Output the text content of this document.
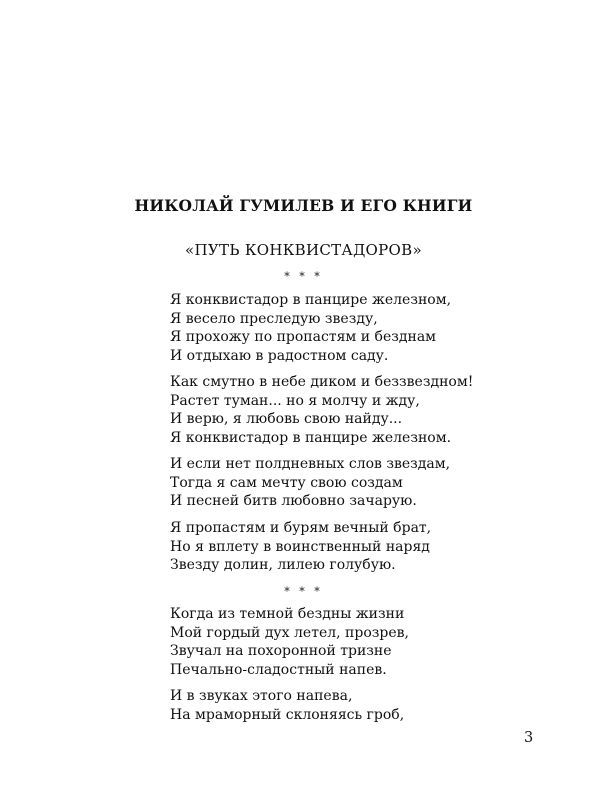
НИКОЛАЙ ГУМИЛЕВ И ЕГО КНИГИ
«ПУТЬ КОНКВИСТАДОРОВ»
* * *
Я конквистадор в панцире железном,
Я весело преследую звезду,
Я прохожу по пропастям и безднам
И отдыхаю в радостном саду.
Как смутно в небе диком и беззвездном!
Растет туман... но я молчу и жду,
И верю, я любовь свою найду...
Я конквистадор в панцире железном.
И если нет полдневных слов звездам,
Тогда я сам мечту свою создам
И песней битв любовно зачарую.
Я пропастям и бурям вечный брат,
Но я вплету в воинственный наряд
Звезду долин, лилею голубую.
* * *
Когда из темной бездны жизни
Мой гордый дух летел, прозрев,
Звучал на похоронной тризне
Печально-сладостный напев.
И в звуках этого напева,
На мраморный склоняясь гроб,
3
